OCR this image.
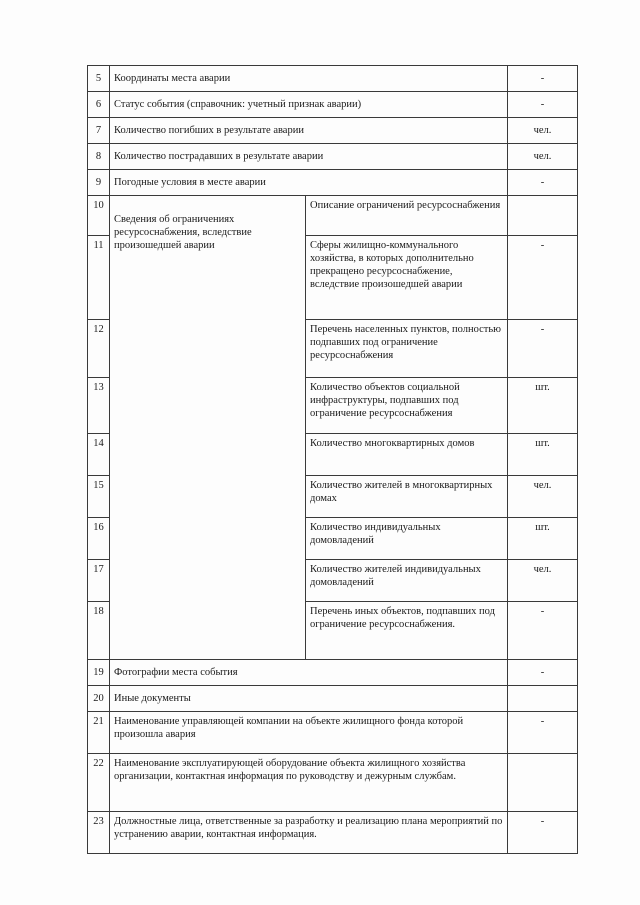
5	Координаты места аварии		-
6	Статус события (справочник: учетный признак аварии)		-
7	Количество погибших в результате аварии		чел.
8	Количество пострадавших в результате аварии		чел.
9	Погодные условия в месте аварии		-
10	Сведения об ограничениях ресурсоснабжения, вследствие произошедшей аварии	Описание ограничений ресурсоснабжения	
11		Сферы жилищно-коммунального хозяйства, в которых дополнительно прекращено ресурсоснабжение, вследствие произошедшей аварии	-
12		Перечень населенных пунктов, полностью подпавших под ограничение ресурсоснабжения	-
13		Количество объектов социальной инфраструктуры, подпавших под ограничение ресурсоснабжения	шт.
14		Количество многоквартирных домов	шт.
15		Количество жителей в многоквартирных домах	чел.
16		Количество индивидуальных домовладений	шт.
17		Количество жителей индивидуальных домовладений	чел.
18		Перечень иных объектов, подпавших под ограничение ресурсоснабжения.	-
19	Фотографии места события		-
20	Иные документы		
21	Наименование управляющей компании на объекте жилищного фонда которой произошла авария		-
22	Наименование эксплуатирующей оборудование объекта жилищного хозяйства организации, контактная информация по руководству и дежурным службам.		
23	Должностные лица, ответственные за разработку и реализацию плана мероприятий по устранению аварии, контактная информация.		-
